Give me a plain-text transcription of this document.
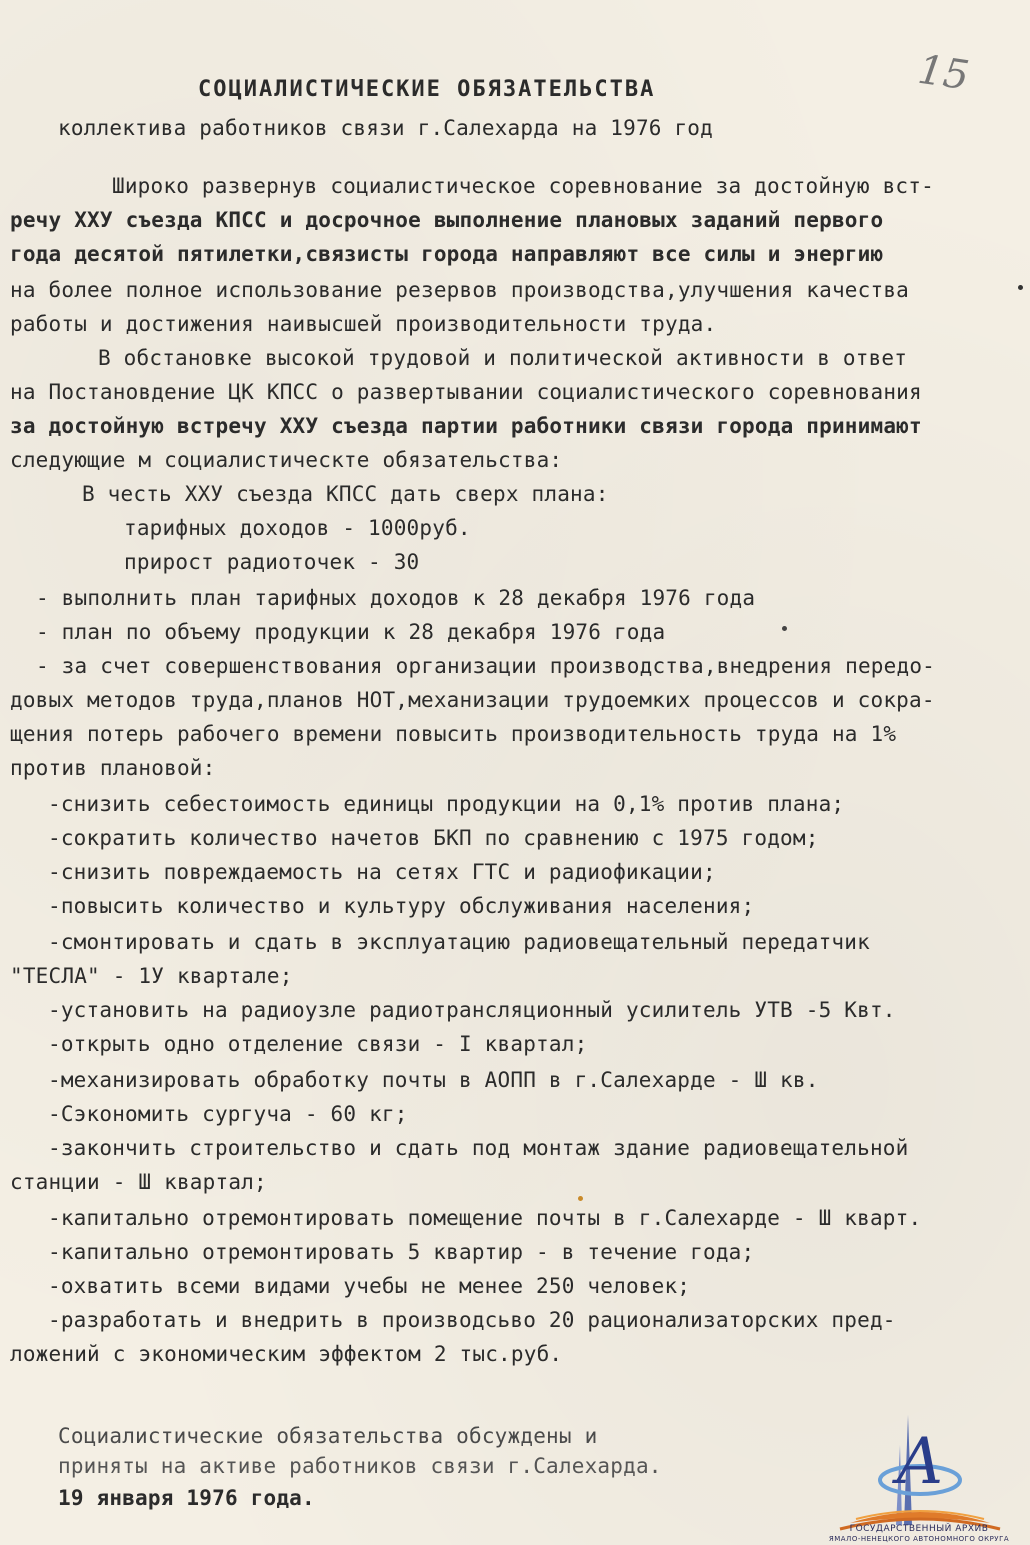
15
СОЦИАЛИСТИЧЕСКИЕ ОБЯЗАТЕЛЬСТВА
коллектива работников связи г.Салехарда на 1976 год
Широко развернув социалистическое соревнование за достойную вст-
речу ХХУ съезда КПСС и досрочное выполнение плановых заданий первого
года десятой пятилетки,связисты города направляют все силы и энергию
на более полное использование резервов производства,улучшения качества
работы и достижения наивысшей производительности труда.
В обстановке высокой трудовой и политической активности в ответ
на Постановдение ЦК КПСС о развертывании социалистического соревнования
за достойную встречу ХХУ съезда партии работники связи города принимают
следующие м социалистическте обязательства:
В честь ХХУ съезда КПСС дать сверх плана:
тарифных доходов - 1000руб.
прирост радиоточек - 30
- выполнить план тарифных доходов к 28 декабря 1976 года
- план по объему продукции к 28 декабря 1976 года
- за счет совершенствования организации производства,внедрения передо-
довых методов труда,планов НОТ,механизации трудоемких процессов и сокра-
щения потерь рабочего времени повысить производительность труда на 1%
против плановой:
-снизить себестоимость единицы продукции на 0,1% против плана;
-сократить количество начетов БКП по сравнению с 1975 годом;
-снизить повреждаемость на сетях ГТС и радиофикации;
-повысить количество и культуру обслуживания населения;
-смонтировать и сдать в эксплуатацию радиовещательный передатчик
"ТЕСЛА" - 1У квартале;
-установить на радиоузле радиотрансляционный усилитель УТВ -5 Квт.
-открыть одно отделение связи - I квартал;
-механизировать обработку почты в АОПП в г.Салехарде - Ш кв.
-Сэкономить сургуча - 60 кг;
-закончить строительство и сдать под монтаж здание радиовещательной
станции - Ш квартал;
-капитально отремонтировать помещение почты в г.Салехарде - Ш кварт.
-капитально отремонтировать 5 квартир - в течение года;
-охватить всеми видами учебы не менее 250 человек;
-разработать и внедрить в производсьво 20 рационализаторских пред-
ложений с экономическим эффектом 2 тыс.руб.
Социалистические обязательства обсуждены и
приняты на активе работников связи г.Салехарда.
19 января 1976 года.	А
ГОСУДАРСТВЕННЫЙ АРХИВ
ЯМАЛО-НЕНЕЦКОГО АВТОНОМНОГО ОКРУГА
